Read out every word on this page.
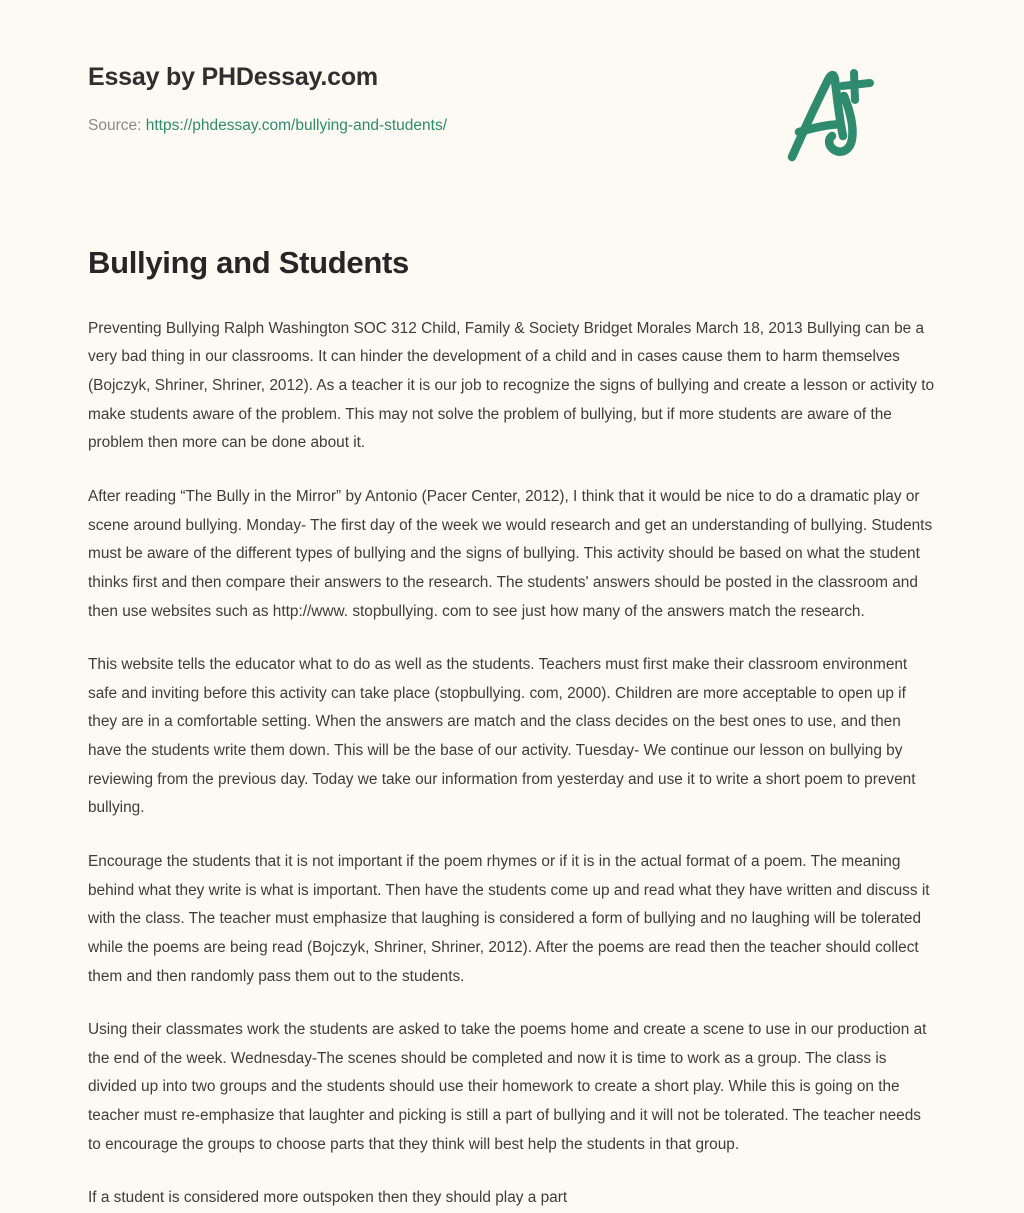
Essay by PHDessay.com
Source: https://phdessay.com/bullying-and-students/
Bullying and Students

Preventing Bullying Ralph Washington SOC 312 Child, Family & Society Bridget Morales March 18, 2013 Bullying can be a very bad thing in our classrooms. It can hinder the development of a child and in cases cause them to harm themselves (Bojczyk, Shriner, Shriner, 2012). As a teacher it is our job to recognize the signs of bullying and create a lesson or activity to make students aware of the problem. This may not solve the problem of bullying, but if more students are aware of the problem then more can be done about it.

After reading “The Bully in the Mirror” by Antonio (Pacer Center, 2012), I think that it would be nice to do a dramatic play or scene around bullying. Monday- The first day of the week we would research and get an understanding of bullying. Students must be aware of the different types of bullying and the signs of bullying. This activity should be based on what the student thinks first and then compare their answers to the research. The students' answers should be posted in the classroom and then use websites such as http://www. stopbullying. com to see just how many of the answers match the research.

This website tells the educator what to do as well as the students. Teachers must first make their classroom environment safe and inviting before this activity can take place (stopbullying. com, 2000). Children are more acceptable to open up if they are in a comfortable setting. When the answers are match and the class decides on the best ones to use, and then have the students write them down. This will be the base of our activity. Tuesday- We continue our lesson on bullying by reviewing from the previous day. Today we take our information from yesterday and use it to write a short poem to prevent bullying.

Encourage the students that it is not important if the poem rhymes or if it is in the actual format of a poem. The meaning behind what they write is what is important. Then have the students come up and read what they have written and discuss it with the class. The teacher must emphasize that laughing is considered a form of bullying and no laughing will be tolerated while the poems are being read (Bojczyk, Shriner, Shriner, 2012). After the poems are read then the teacher should collect them and then randomly pass them out to the students.

Using their classmates work the students are asked to take the poems home and create a scene to use in our production at the end of the week. Wednesday-The scenes should be completed and now it is time to work as a group. The class is divided up into two groups and the students should use their homework to create a short play. While this is going on the teacher must re-emphasize that laughter and picking is still a part of bullying and it will not be tolerated. The teacher needs to encourage the groups to choose parts that they think will best help the students in that group.

If a student is considered more outspoken then they should play a part
